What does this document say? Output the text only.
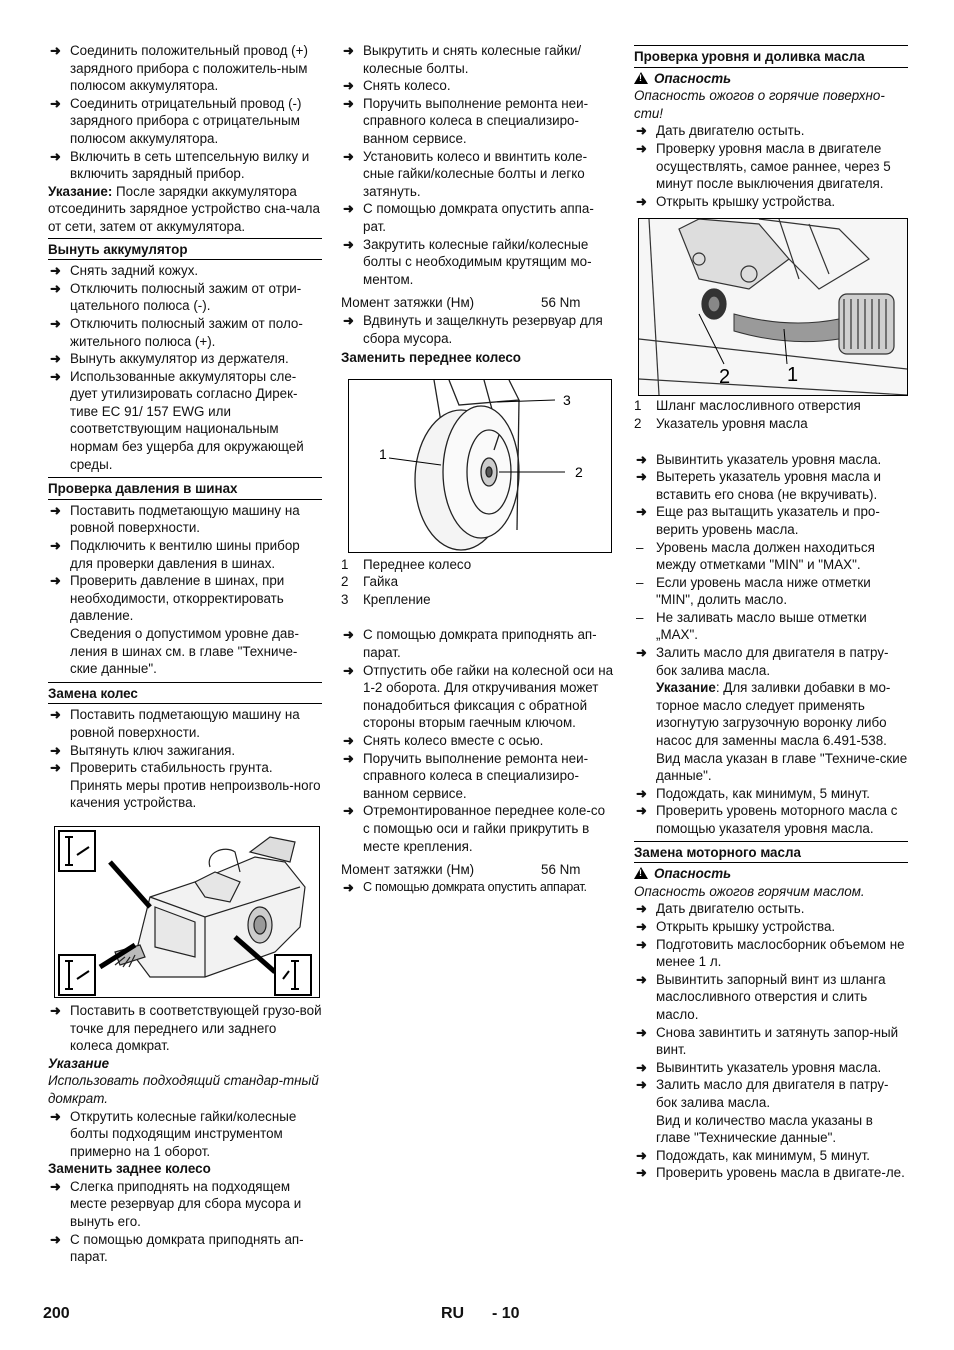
➜ Соединить положительный провод (+) зарядного прибора с положитель-ным полюсом аккумулятора.
➜ Соединить отрицательный провод (-) зарядного прибора с отрицательным полюсом аккумулятора.
➜ Включить в сеть штепсельную вилку и включить зарядный прибор.
Указание: После зарядки аккумулятора отсоединить зарядное устройство сна-чала от сети, затем от аккумулятора.
Вынуть аккумулятор
➜ Снять задний кожух.
➜ Отключить полюсный зажим от отри-цательного полюса (-).
➜ Отключить полюсный зажим от поло-жительного полюса (+).
➜ Вынуть аккумулятор из держателя.
➜ Использованные аккумуляторы сле-дует утилизировать согласно Дирек-тиве ЕС 91/ 157 EWG или соответствующим национальным нормам без ущерба для окружающей среды.
Проверка давления в шинах
➜ Поставить подметающую машину на ровной поверхности.
➜ Подключить к вентилю шины прибор для проверки давления в шинах.
➜ Проверить давление в шинах, при необходимости, откорректировать давление.
Сведения о допустимом уровне дав-ления в шинах см. в главе "Техниче-ские данные".
Замена колес
➜ Поставить подметающую машину на ровной поверхности.
➜ Вытянуть ключ зажигания.
➜ Проверить стабильность грунта. Принять меры против непроизволь-ного качения устройства.
➜ Поставить в соответствующей грузо-вой точке для переднего или заднего колеса домкрат.
Указание
Использовать подходящий стандар-тный домкрат.
➜ Открутить колесные гайки/колесные болты подходящим инструментом примерно на 1 оборот.
Заменить заднее колесо
➜ Слегка приподнять на подходящем месте резервуар для сбора мусора и вынуть его.
➜ С помощью домкрата приподнять ап-парат.
➜ Выкрутить и снять колесные гайки/ колесные болты.
➜ Снять колесо.
➜ Поручить выполнение ремонта неи-справного колеса в специализиро-ванном сервисе.
➜ Установить колесо и ввинтить коле-сные гайки/колесные болты и легко затянуть.
➜ С помощью домкрата опустить аппа-рат.
➜ Закрутить колесные гайки/колесные болты с необходимым крутящим мо-ментом.
Момент затяжки (Нм)	56 Nm
➜ Вдвинуть и защелкнуть резервуар для сбора мусора.
Заменить переднее колесо
1
2
3
1	Переднее колесо
2	Гайка
3	Крепление
➜ С помощью домкрата приподнять ап-парат.
➜ Отпустить обе гайки на колесной оси на 1-2 оборота. Для откручивания может понадобиться фиксация с обратной стороны вторым гаечным ключом.
➜ Снять колесо вместе с осью.
➜ Поручить выполнение ремонта неи-справного колеса в специализиро-ванном сервисе.
➜ Отремонтированное переднее коле-со с помощью оси и гайки прикрутить в месте крепления.
Момент затяжки (Нм)	56 Nm
➜ С помощью домкрата опустить аппарат.
Проверка уровня и доливка масла
!Опасность
Опасность ожогов о горячие поверхно-сти!
➜ Дать двигателю остыть.
➜ Проверку уровня масла в двигателе осуществлять, самое раннее, через 5 минут после выключения двигателя.
➜ Открыть крышку устройства.
2	1
1	Шланг маслосливного отверстия
2	Указатель уровня масла
➜ Вывинтить указатель уровня масла.
➜ Вытереть указатель уровня масла и вставить его снова (не вкручивать).
➜ Еще раз вытащить указатель и про-верить уровень масла.
– Уровень масла должен находиться между отметками "MIN" и "MAX".
– Если уровень масла ниже отметки "MIN", долить масло.
– Не заливать масло выше отметки „MAX".
➜ Залить масло для двигателя в патру-бок залива масла.
Указание: Для заливки добавки в мо-торное масло следует применять изогнутую загрузочную воронку либо насос для заменны масла 6.491-538.
Вид масла указан в главе "Техниче-ские данные".
➜ Подождать, как минимум, 5 минут.
➜ Проверить уровень моторного масла с помощью указателя уровня масла.
Замена моторного масла
!Опасность
Опасность ожогов горячим маслом.
➜ Дать двигателю остыть.
➜ Открыть крышку устройства.
➜ Подготовить маслосборник объемом не менее 1 л.
➜ Вывинтить запорный винт из шланга маслосливного отверстия и слить масло.
➜ Снова завинтить и затянуть запор-ный винт.
➜ Вывинтить указатель уровня масла.
➜ Залить масло для двигателя в патру-бок залива масла.
Вид и количество масла указаны в главе "Технические данные".
➜ Подождать, как минимум, 5 минут.
➜ Проверить уровень масла в двигате-ле.
200	RU - 10
